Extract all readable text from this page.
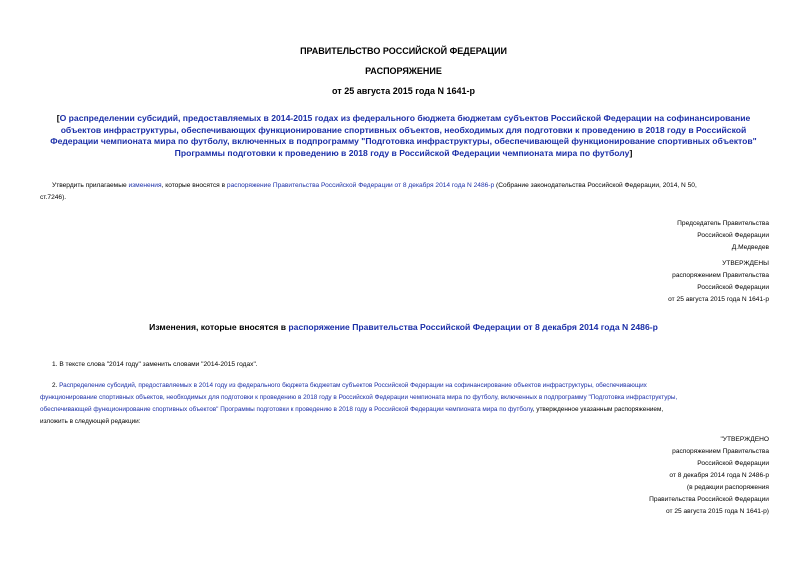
ПРАВИТЕЛЬСТВО РОССИЙСКОЙ ФЕДЕРАЦИИ
РАСПОРЯЖЕНИЕ
от 25 августа 2015 года N 1641-р
[О распределении субсидий, предоставляемых в 2014-2015 годах из федерального бюджета бюджетам субъектов Российской Федерации на софинансирование
объектов инфраструктуры, обеспечивающих функционирование спортивных объектов, необходимых для подготовки к проведению в 2018 году в Российской
Федерации чемпионата мира по футболу, включенных в подпрограмму "Подготовка инфраструктуры, обеспечивающей функционирование спортивных объектов"
Программы подготовки к проведению в 2018 году в Российской Федерации чемпионата мира по футболу]
Утвердить прилагаемые изменения, которые вносятся в распоряжение Правительства Российской Федерации от 8 декабря 2014 года N 2486-р (Собрание законодательства Российской Федерации, 2014, N 50,
ст.7246).
Председатель Правительства
Российской Федерации
Д.Медведев
УТВЕРЖДЕНЫ
распоряжением Правительства
Российской Федерации
от 25 августа 2015 года N 1641-р
Изменения, которые вносятся в распоряжение Правительства Российской Федерации от 8 декабря 2014 года N 2486-р
1. В тексте слова "2014 году" заменить словами "2014-2015 годах".
2. Распределение субсидий, предоставляемых в 2014 году из федерального бюджета бюджетам субъектов Российской Федерации на софинансирование объектов инфраструктуры, обеспечивающих
функционирование спортивных объектов, необходимых для подготовки к проведению в 2018 году в Российской Федерации чемпионата мира по футболу, включенных в подпрограмму "Подготовка инфраструктуры,
обеспечивающей функционирование спортивных объектов" Программы подготовки к проведению в 2018 году в Российской Федерации чемпионата мира по футболу, утвержденное указанным распоряжением,
изложить в следующей редакции:
"УТВЕРЖДЕНО
распоряжением Правительства
Российской Федерации
от 8 декабря 2014 года N 2486-р
(в редакции распоряжения
Правительства Российской Федерации
от 25 августа 2015 года N 1641-р)
